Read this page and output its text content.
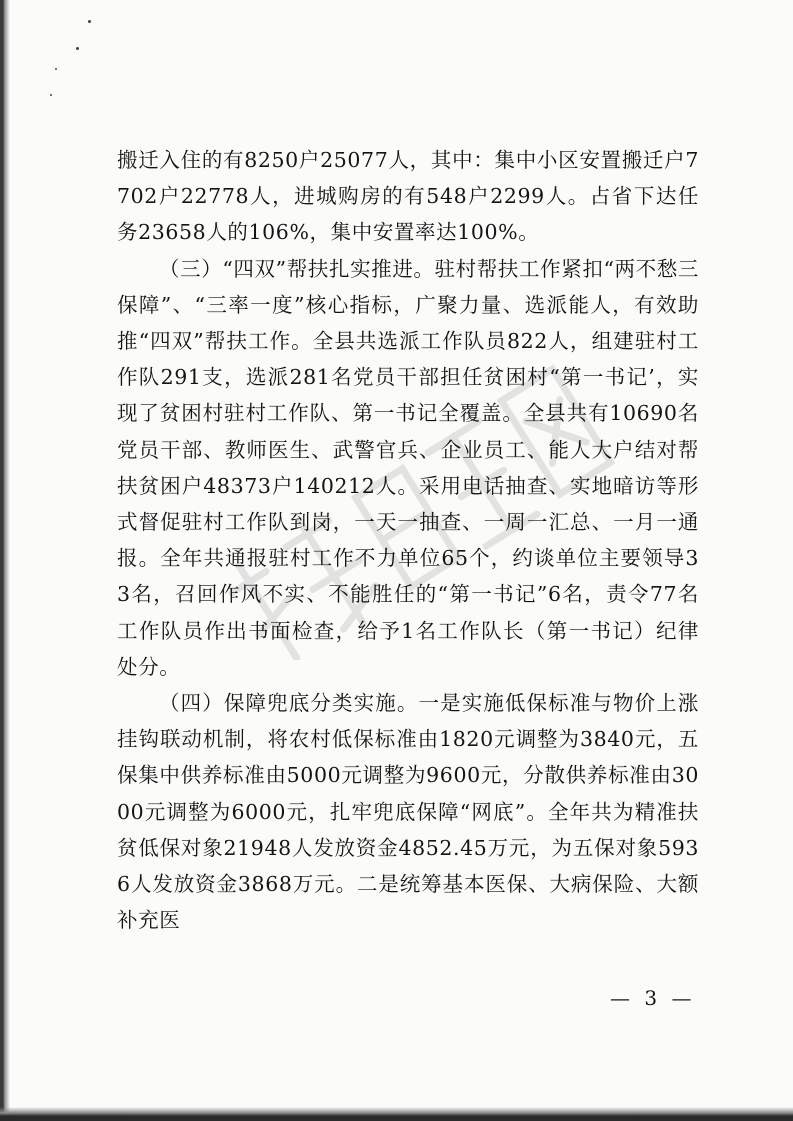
搬迁入住的有8250户25077人，其中：集中小区安置搬迁户7702户22778人，进城购房的有548户2299人。占省下达任务23658人的106%，集中安置率达100%。

（三）“四双”帮扶扎实推进。驻村帮扶工作紧扣“两不愁三保障”、“三率一度”核心指标，广聚力量、选派能人，有效助推“四双”帮扶工作。全县共选派工作队员822人，组建驻村工作队291支，选派281名党员干部担任贫困村“第一书记’，实现了贫困村驻村工作队、第一书记全覆盖。全县共有10690名党员干部、教师医生、武警官兵、企业员工、能人大户结对帮扶贫困户48373户140212人。采用电话抽查、实地暗访等形式督促驻村工作队到岗，一天一抽查、一周一汇总、一月一通报。全年共通报驻村工作不力单位65个，约谈单位主要领导33名，召回作风不实、不能胜任的“第一书记”6名，责令77名工作队员作出书面检查，给予1名工作队长（第一书记）纪律处分。

（四）保障兜底分类实施。一是实施低保标准与物价上涨挂钩联动机制，将农村低保标准由1820元调整为3840元，五保集中供养标准由5000元调整为9600元，分散供养标准由3000元调整为6000元，扎牢兜底保障“网底”。全年共为精准扶贫低保对象21948人发放资金4852.45万元，为五保对象5936人发放资金3868万元。二是统筹基本医保、大病保险、大额补充医

— 3 —
